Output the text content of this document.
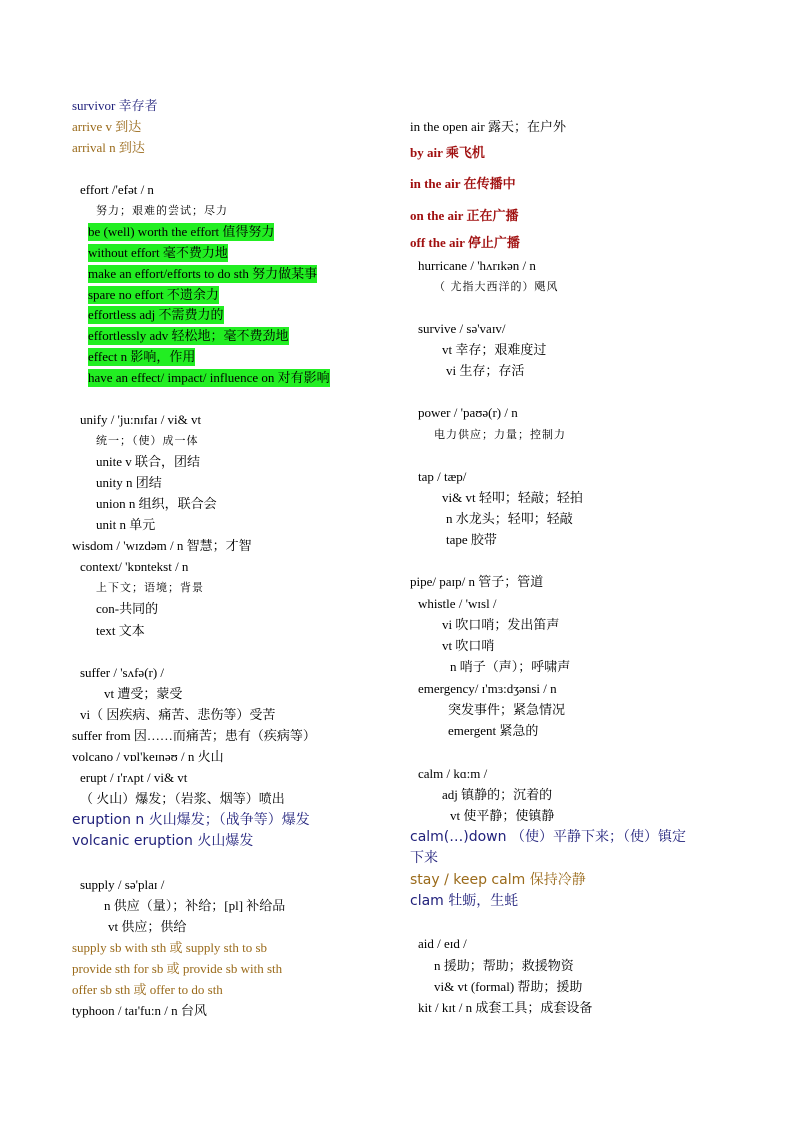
survivor 幸存者
arrive v 到达
arrival n 到达
effort /'efət / n
努力；艰难的尝试；尽力
be (well) worth the effort 值得努力
without effort 毫不费力地
make an effort/efforts to do sth 努力做某事
spare no effort 不遗余力
effortless adj 不需费力的
effortlessly adv 轻松地；毫不费劲地
effect n 影响，作用
have an effect/ impact/ influence on 对有影响
unify / 'ju:nɪfaɪ / vi& vt
统一；（使）成一体
unite v 联合，团结
unity n 团结
union n 组织，联合会
unit n 单元
wisdom / 'wɪzdəm / n 智慧；才智
context/ 'kɒntekst / n
上下文；语境；背景
con-共同的
text 文本
suffer / 'sʌfə(r) /
vt 遭受；蒙受
vi（ 因疾病、痛苦、悲伤等）受苦
suffer from 因……而痛苦；患有（疾病等）
volcano / vɒl'keɪnəʊ / n 火山
erupt / ɪ'rʌpt / vi& vt
（ 火山）爆发；（岩浆、烟等）喷出
eruption n 火山爆发；（战争等）爆发
volcanic eruption 火山爆发
supply / sə'plaɪ /
n 供应（量）；补给；[pl] 补给品
vt 供应；供给
supply sb with sth 或 supply sth to sb
provide sth for sb 或 provide sb with sth
offer sb sth 或 offer to do sth
typhoon / taɪ'fu:n / n 台风
in the open air 露天；在户外
by air 乘飞机
in the air 在传播中
on the air 正在广播
off the air 停止广播
hurricane / 'hʌrɪkən / n
（ 尤指大西洋的）飓风
survive / sə'vaɪv/
vt 幸存；艰难度过
vi 生存；存活
power / 'paʊə(r) / n
电力供应；力量；控制力
tap / tæp/
vi& vt 轻叩；轻敲；轻拍
n 水龙头；轻叩；轻敲
tape 胶带
pipe/ paɪp/ n 管子；管道
whistle / 'wɪsl /
vi 吹口哨；发出笛声
vt 吹口哨
n 哨子（声）；呼啸声
emergency/ ɪ'mɜ:dʒənsi / n
突发事件；紧急情况
emergent 紧急的
calm / kɑ:m /
adj 镇静的；沉着的
vt 使平静；使镇静
calm(…)down （使）平静下来；（使）镇定
下来
stay / keep calm 保持冷静
clam 牡蛎，生蚝
aid / eɪd /
n 援助；帮助；救援物资
vi& vt (formal) 帮助；援助
kit / kɪt / n 成套工具；成套设备
